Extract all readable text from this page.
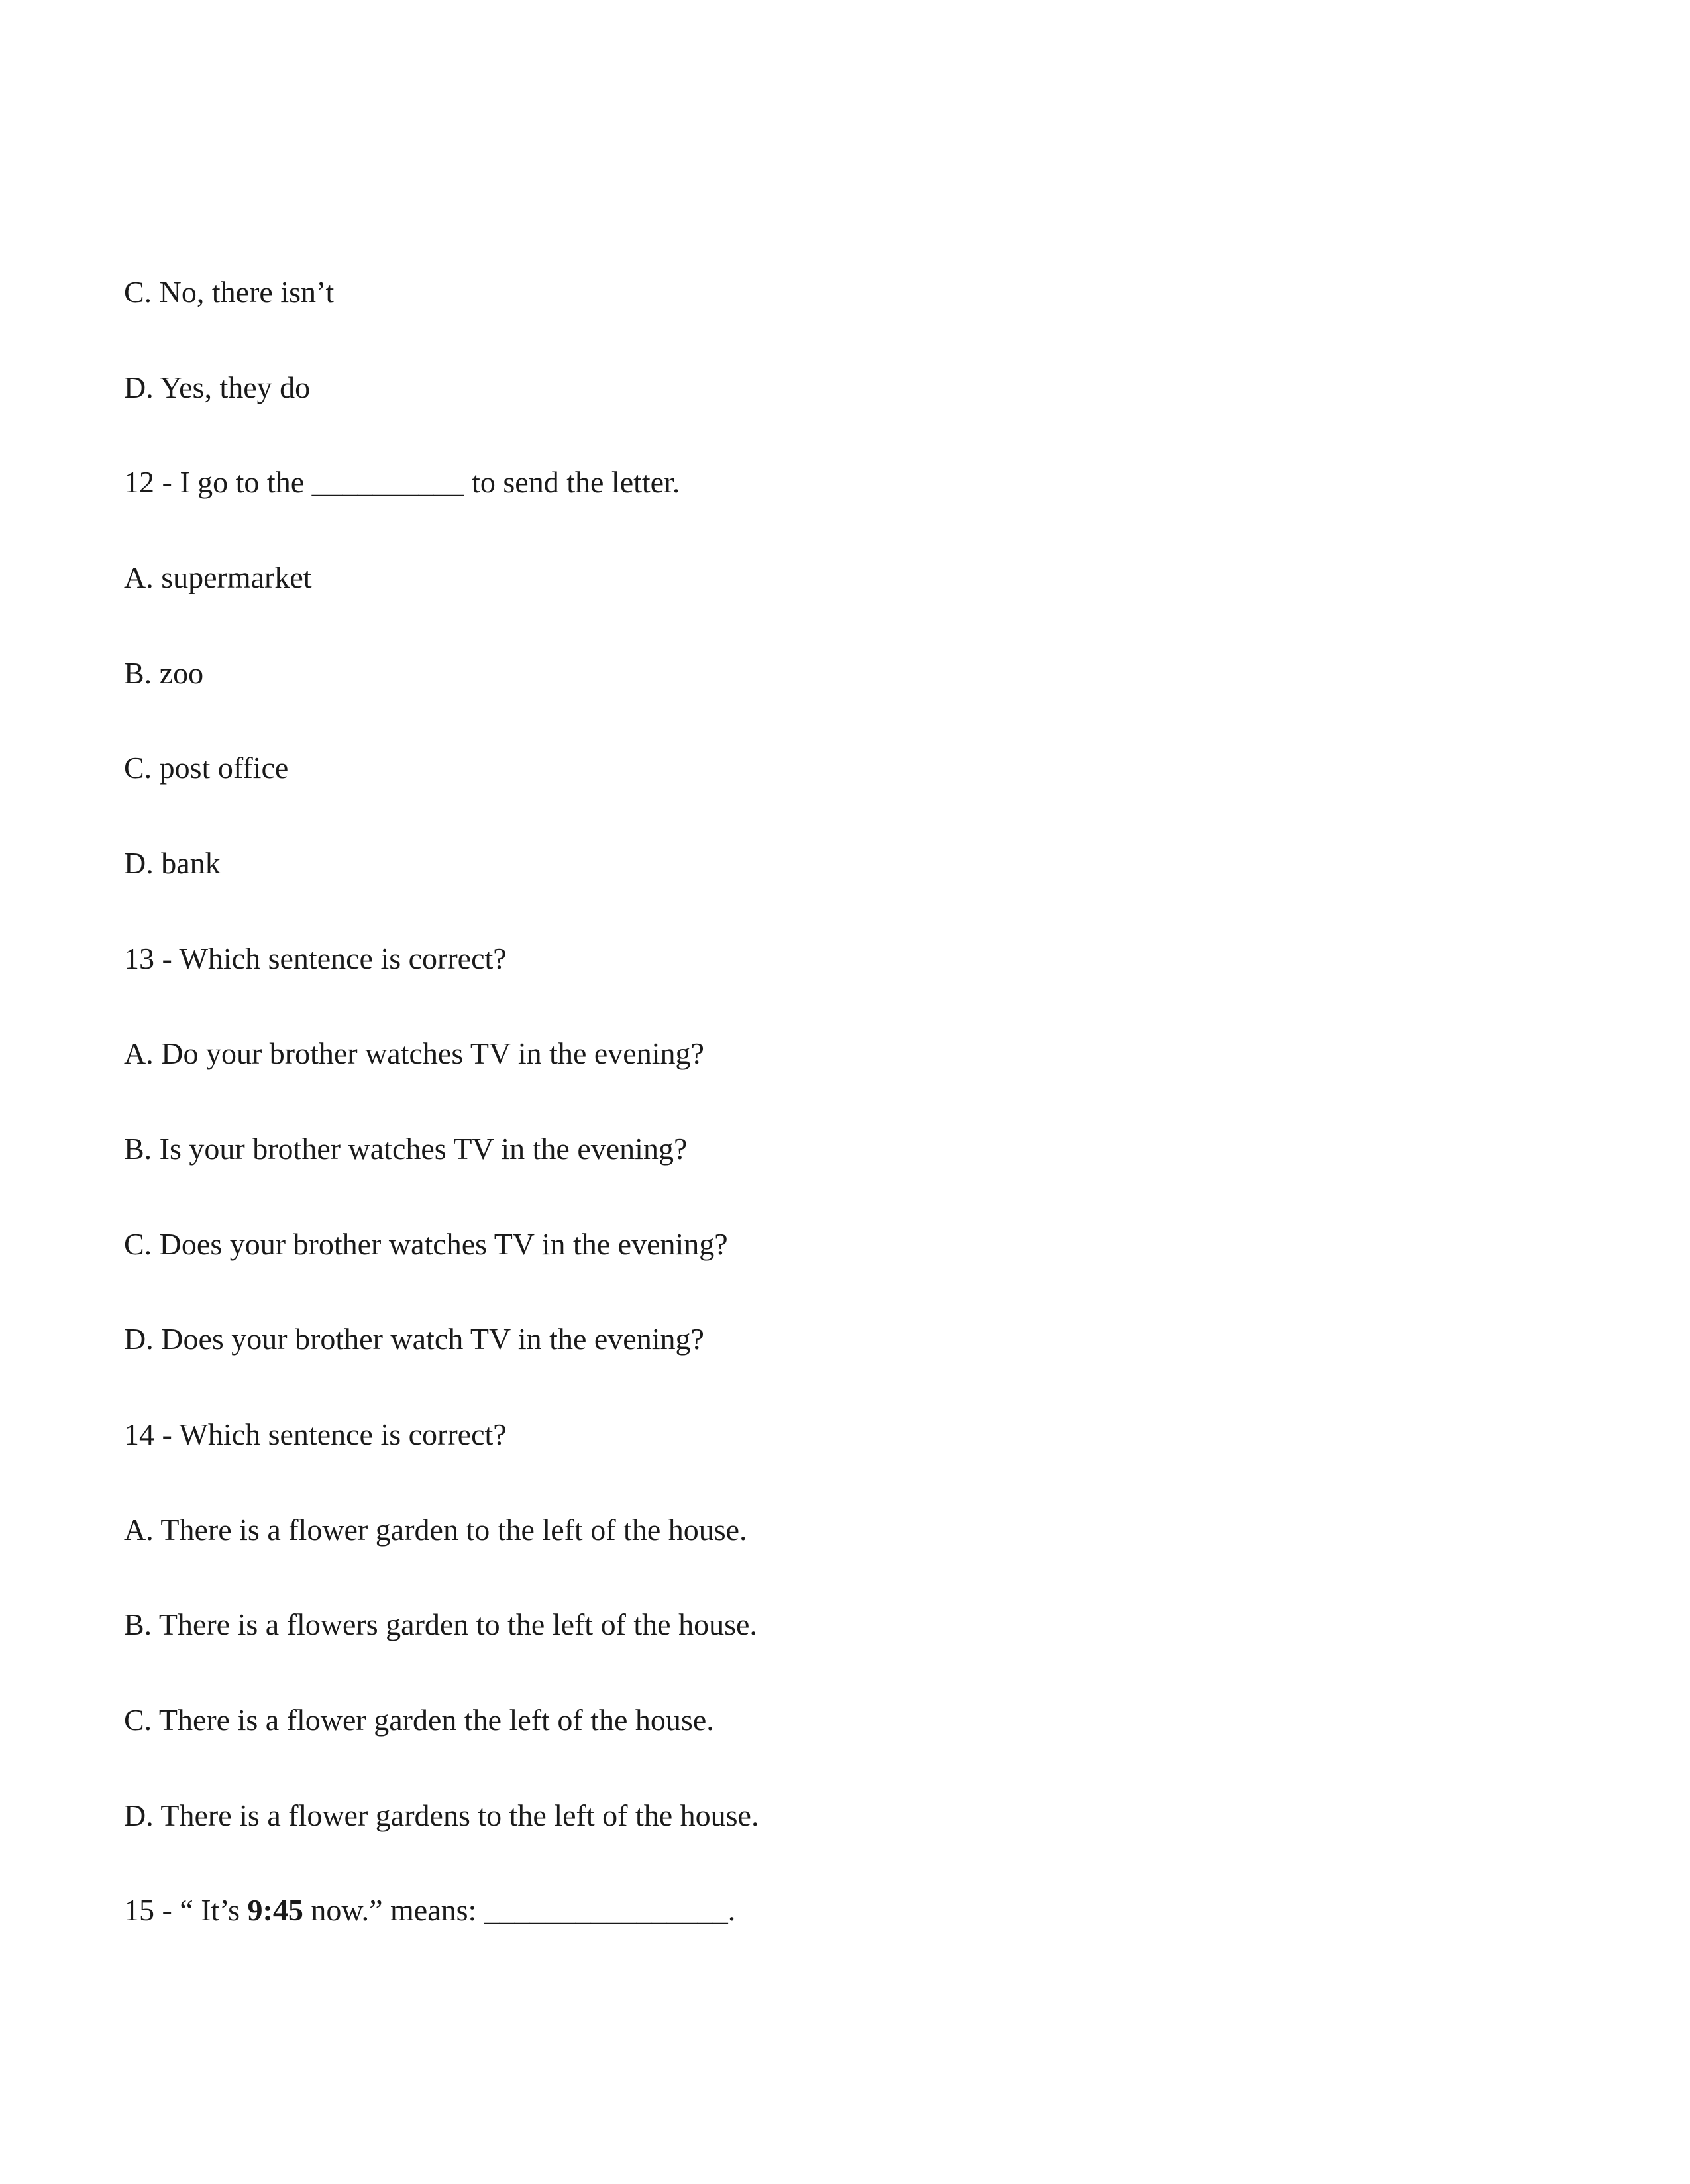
C. No, there isn’t

D. Yes, they do

12 - I go to the __________ to send the letter.

A. supermarket

B. zoo

C. post office

D. bank

13 - Which sentence is correct?

A. Do your brother watches TV in the evening?

B. Is your brother watches TV in the evening?

C. Does your brother watches TV in the evening?

D. Does your brother watch TV in the evening?

14 - Which sentence is correct?

A. There is a flower garden to the left of the house.

B. There is a flowers garden to the left of the house.

C. There is a flower garden the left of the house.

D. There is a flower gardens to the left of the house.

15 - “ It’s 9:45 now.” means: ________________.
